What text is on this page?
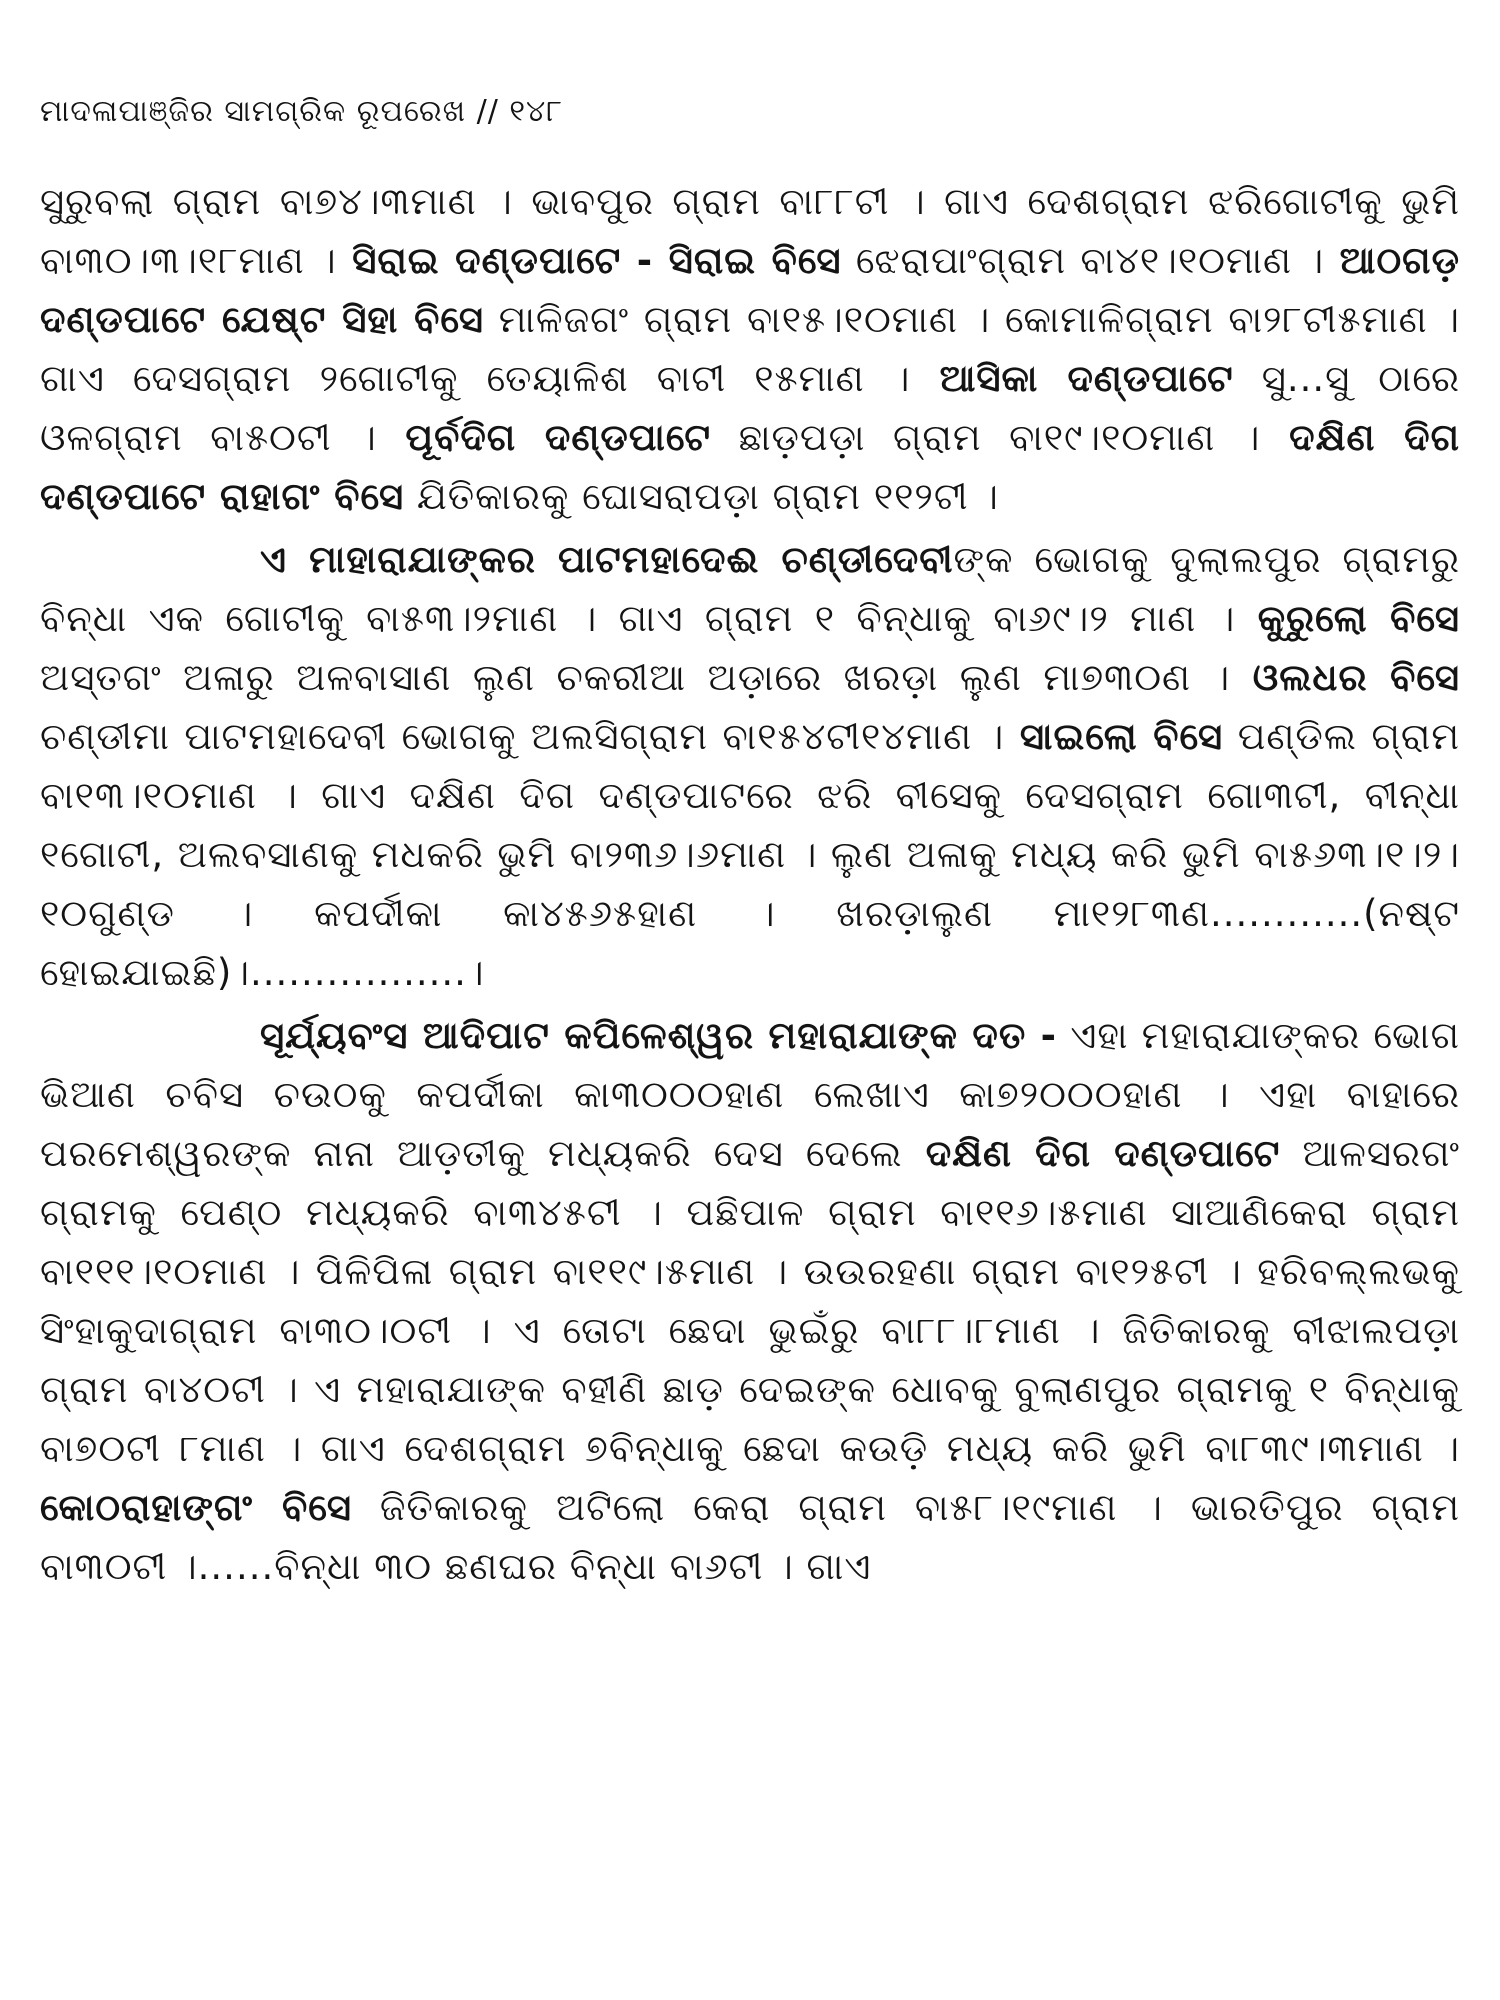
ମାଦଳାପାଞ୍ଜିର ସାମଗ୍ରିକ ରୂପରେଖ // ୧୪୮

ସୁରୁବଲା ଗ୍ରାମ ବା୭୪।୩ମାଣ । ଭାବପୁର ଗ୍ରାମ ବା୮୮ଟୀ । ଗାଏ ଦେଶଗ୍ରାମ ଝରିଗୋଟୀକୁ ଭୁମି ବା୩୦।୩।୧୮ମାଣ । ସିରାଇ ଦଣ୍ଡପାଟେ - ସିରାଇ ବିସେ ଝେରାପାଂଗ୍ରାମ ବା୪୧।୧୦ମାଣ । ଆଠଗଡ଼ ଦଣ୍ଡପାଟେ ଯେଷ୍ଟ ସିହା ବିସେ ମାଳିଜଗଂ ଗ୍ରାମ ବା୧୫।୧୦ମାଣ । କୋମାଳିଗ୍ରାମ ବା୨୮ଟୀ୫ମାଣ । ଗାଏ ଦେସଗ୍ରାମ ୨ଗୋଟୀକୁ ତେୟାଳିଶ ବାଟୀ ୧୫ମାଣ । ଆସିକା ଦଣ୍ଡପାଟେ ସୁ...ସୁ ଠାରେ ଓଳଗ୍ରାମ ବା୫୦ଟୀ । ପୂର୍ବଦିଗ ଦଣ୍ଡପାଟେ ଛାଡ଼ପଡ଼ା ଗ୍ରାମ ବା୧୯।୧୦ମାଣ । ଦକ୍ଷିଣ ଦିଗ ଦଣ୍ଡପାଟେ ରାହାଗଂ ବିସେ ଯିତିକାରକୁ ଘୋସରାପଡ଼ା ଗ୍ରାମ ୧୧୨ଟୀ ।

ଏ ମାହାରାଯାଙ୍କର ପାଟମହାଦେଈ ଚଣ୍ଡୀଦେବୀଙ୍କ ଭୋଗକୁ ଦୁଲାଲପୁର ଗ୍ରାମରୁ ବିନ୍ଧା ଏକ ଗୋଟୀକୁ ବା୫୩।୨ମାଣ । ଗାଏ ଗ୍ରାମ ୧ ବିନ୍ଧାକୁ ବା୬୯।୨ ମାଣ । କୁରୁଲୋ ବିସେ ଅସ୍ତଗଂ ଅଳାରୁ ଅଳବାସାଣ ଲୁଣ ଚକରୀଆ ଅଡ଼ାରେ ଖରଡ଼ା ଲୁଣ ମା୭୩୦ଣ । ଓଲଧର ବିସେ ଚଣ୍ଡୀମା ପାଟମହାଦେବୀ ଭୋଗକୁ ଅଲସିଗ୍ରାମ ବା୧୫୪ଟୀ୧୪ମାଣ । ସାଇଲୋ ବିସେ ପଣ୍ଡିଲ ଗ୍ରାମ ବା୧୩।୧୦ମାଣ । ଗାଏ ଦକ୍ଷିଣ ଦିଗ ଦଣ୍ଡପାଟରେ ଝରି ବୀସେକୁ ଦେସଗ୍ରାମ ଗୋ୩ଟୀ, ବୀନ୍ଧା ୧ଗୋଟୀ, ଅଲବସାଣକୁ ମଧକରି ଭୁମି ବା୨୩୬।୬ମାଣ । ଲୁଣ ଅଳାକୁ ମଧ୍ୟ କରି ଭୁମି ବା୫୬୩।୧।୨।୧୦ଗୁଣ୍ଡ । କପର୍ଦୀକା କା୪୫୬୫ହାଣ । ଖରଡ଼ାଲୁଣ ମା୧୨୮୩ଣ............(ନଷ୍ଟ ହୋଇଯାଇଛି)।.................।

ସୂର୍ଯ୍ୟବଂସ ଆଦିପାଟ କପିଳେଶ୍ୱର ମହାରାଯାଙ୍କ ଦତ - ଏହା ମହାରାଯାଙ୍କର ଭୋଗ ଭିଆଣ ଚବିସ ଚଉଠକୁ କପର୍ଦୀକା କା୩୦୦୦ହାଣ ଲେଖାଏ କା୭୨୦୦୦ହାଣ । ଏହା ବାହାରେ ପରମେଶ୍ୱରଙ୍କ ନାନା ଆଡ଼ତୀକୁ ମଧ୍ୟକରି ଦେସ ଦେଲେ ଦକ୍ଷିଣ ଦିଗ ଦଣ୍ଡପାଟେ ଆଳସରଗଂ ଗ୍ରାମକୁ ପେଣ୍ଠ ମଧ୍ୟକରି ବା୩୪୫ଟୀ । ପଛିପାଳ ଗ୍ରାମ ବା୧୧୬।୫ମାଣ ସାଆଣିକେରା ଗ୍ରାମ ବା୧୧୧।୧୦ମାଣ । ପିଳିପିଳା ଗ୍ରାମ ବା୧୧୯।୫ମାଣ । ଉଉରହଣା ଗ୍ରାମ ବା୧୨୫ଟୀ । ହରିବଲ୍ଲଭକୁ ସିଂହାକୁଦାଗ୍ରାମ ବା୩୦।୦ଟୀ । ଏ ତୋଟା ଛେଦା ଭୁଇଁରୁ ବା୮୮।୮ମାଣ । ଜିତିକାରକୁ ବୀଝାଲପଡ଼ା ଗ୍ରାମ ବା୪୦ଟୀ । ଏ ମହାରାଯାଙ୍କ ବହୀଣି ଛାଡ଼ ଦେଇଙ୍କ ଧୋବକୁ ବୁଲାଣପୁର ଗ୍ରାମକୁ ୧ ବିନ୍ଧାକୁ ବା୭୦ଟୀ ୮ମାଣ । ଗାଏ ଦେଶଗ୍ରାମ ୭ବିନ୍ଧାକୁ ଛେଦା କଉଡ଼ି ମଧ୍ୟ କରି ଭୁମି ବା୮୩୯।୩ମାଣ । କୋଠରାହାଙ୍ଗଂ ବିସେ ଜିତିକାରକୁ ଅଟିଲୋ କେରା ଗ୍ରାମ ବା୫୮।୧୯ମାଣ । ଭାରତିପୁର ଗ୍ରାମ ବା୩୦ଟୀ ।......ବିନ୍ଧା ୩୦ ଛଣଘର ବିନ୍ଧା ବା୬ଟୀ । ଗାଏ
